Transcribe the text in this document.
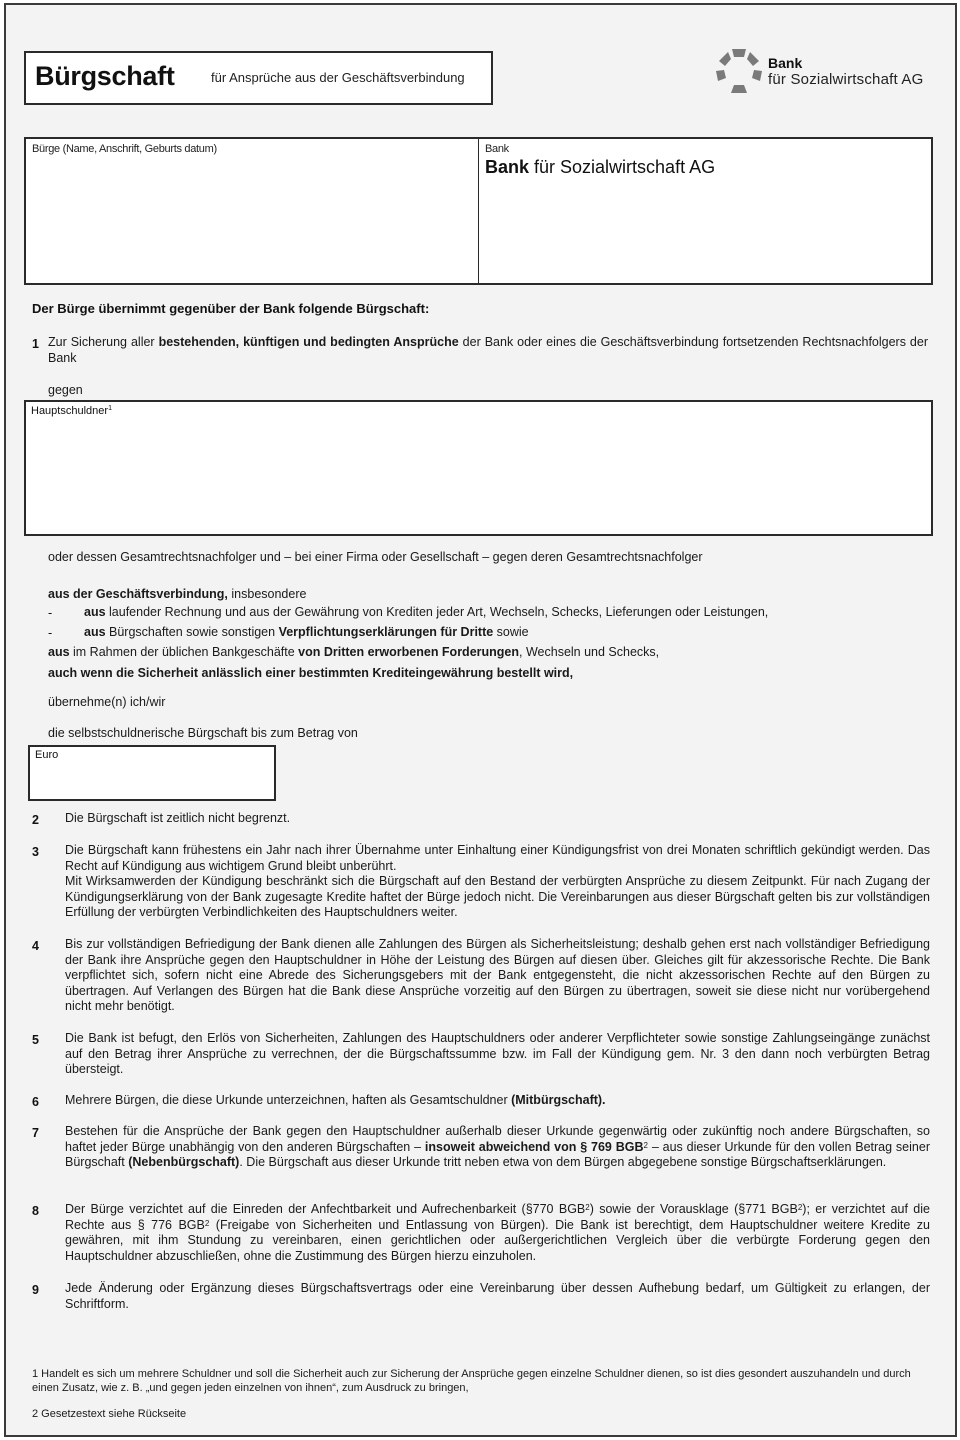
Bürgschaft	für Ansprüche aus der Geschäftsverbindung
Bank
für Sozialwirtschaft AG
Bürge (Name, Anschrift, Geburts datum)	Bank
Bank für Sozialwirtschaft AG
Der Bürge übernimmt gegenüber der Bank folgende Bürgschaft:
1 Zur Sicherung aller bestehenden, künftigen und bedingten Ansprüche der Bank oder eines die Geschäftsverbindung fortsetzenden Rechtsnachfolgers der Bank
gegen
Hauptschuldner$^1$
oder dessen Gesamtrechtsnachfolger und – bei einer Firma oder Gesellschaft – gegen deren Gesamtrechtsnachfolger
aus der Geschäftsverbindung, insbesondere
-	aus laufender Rechnung und aus der Gewährung von Krediten jeder Art, Wechseln, Schecks, Lieferungen oder Leistungen,
-	aus Bürgschaften sowie sonstigen Verpflichtungserklärungen für Dritte sowie
aus im Rahmen der üblichen Bankgeschäfte von Dritten erworbenen Forderungen, Wechseln und Schecks,
auch wenn die Sicherheit anlässlich einer bestimmten Krediteingewährung bestellt wird,
übernehme(n) ich/wir
die selbstschuldnerische Bürgschaft bis zum Betrag von
Euro
2 Die Bürgschaft ist zeitlich nicht begrenzt.
3 Die Bürgschaft kann frühestens ein Jahr nach ihrer Übernahme unter Einhaltung einer Kündigungsfrist von drei Monaten schriftlich gekündigt werden. Das Recht auf Kündigung aus wichtigem Grund bleibt unberührt.
Mit Wirksamwerden der Kündigung beschränkt sich die Bürgschaft auf den Bestand der verbürgten Ansprüche zu diesem Zeitpunkt. Für nach Zugang der Kündigungserklärung von der Bank zugesagte Kredite haftet der Bürge jedoch nicht. Die Vereinbarungen aus dieser Bürgschaft gelten bis zur vollständigen Erfüllung der verbürgten Verbindlichkeiten des Hauptschuldners weiter.
4 Bis zur vollständigen Befriedigung der Bank dienen alle Zahlungen des Bürgen als Sicherheitsleistung; deshalb gehen erst nach vollständiger Befriedigung der Bank ihre Ansprüche gegen den Hauptschuldner in Höhe der Leistung des Bürgen auf diesen über. Gleiches gilt für akzessorische Rechte. Die Bank verpflichtet sich, sofern nicht eine Abrede des Sicherungsgebers mit der Bank entgegensteht, die nicht akzessorischen Rechte auf den Bürgen zu übertragen. Auf Verlangen des Bürgen hat die Bank diese Ansprüche vorzeitig auf den Bürgen zu übertragen, soweit sie diese nicht nur vorübergehend nicht mehr benötigt.
5 Die Bank ist befugt, den Erlös von Sicherheiten, Zahlungen des Hauptschuldners oder anderer Verpflichteter sowie sonstige Zahlungseingänge zunächst auf den Betrag ihrer Ansprüche zu verrechnen, der die Bürgschaftssumme bzw. im Fall der Kündigung gem. Nr. 3 den dann noch verbürgten Betrag übersteigt.
6 Mehrere Bürgen, die diese Urkunde unterzeichnen, haften als Gesamtschuldner (Mitbürgschaft).
7 Bestehen für die Ansprüche der Bank gegen den Hauptschuldner außerhalb dieser Urkunde gegenwärtig oder zukünftig noch andere Bürgschaften, so haftet jeder Bürge unabhängig von den anderen Bürgschaften – insoweit abweichend von § 769 BGB$^2$ – aus dieser Urkunde für den vollen Betrag seiner Bürgschaft (Nebenbürgschaft). Die Bürgschaft aus dieser Urkunde tritt neben etwa von dem Bürgen abgegebene sonstige Bürgschaftserklärungen.
8 Der Bürge verzichtet auf die Einreden der Anfechtbarkeit und Aufrechenbarkeit (§770 BGB$^2$) sowie der Vorausklage (§771 BGB$^2$); er verzichtet auf die Rechte aus § 776 BGB$^2$ (Freigabe von Sicherheiten und Entlassung von Bürgen). Die Bank ist berechtigt, dem Hauptschuldner weitere Kredite zu gewähren, mit ihm Stundung zu vereinbaren, einen gerichtlichen oder außergerichtlichen Vergleich über die verbürgte Forderung gegen den Hauptschuldner abzuschließen, ohne die Zustimmung des Bürgen hierzu einzuholen.
9 Jede Änderung oder Ergänzung dieses Bürgschaftsvertrags oder eine Vereinbarung über dessen Aufhebung bedarf, um Gültigkeit zu erlangen, der Schriftform.
1 Handelt es sich um mehrere Schuldner und soll die Sicherheit auch zur Sicherung der Ansprüche gegen einzelne Schuldner dienen, so ist dies gesondert auszuhandeln und durch einen Zusatz, wie z. B. „und gegen jeden einzelnen von ihnen“, zum Ausdruck zu bringen,
2 Gesetzestext siehe Rückseite
